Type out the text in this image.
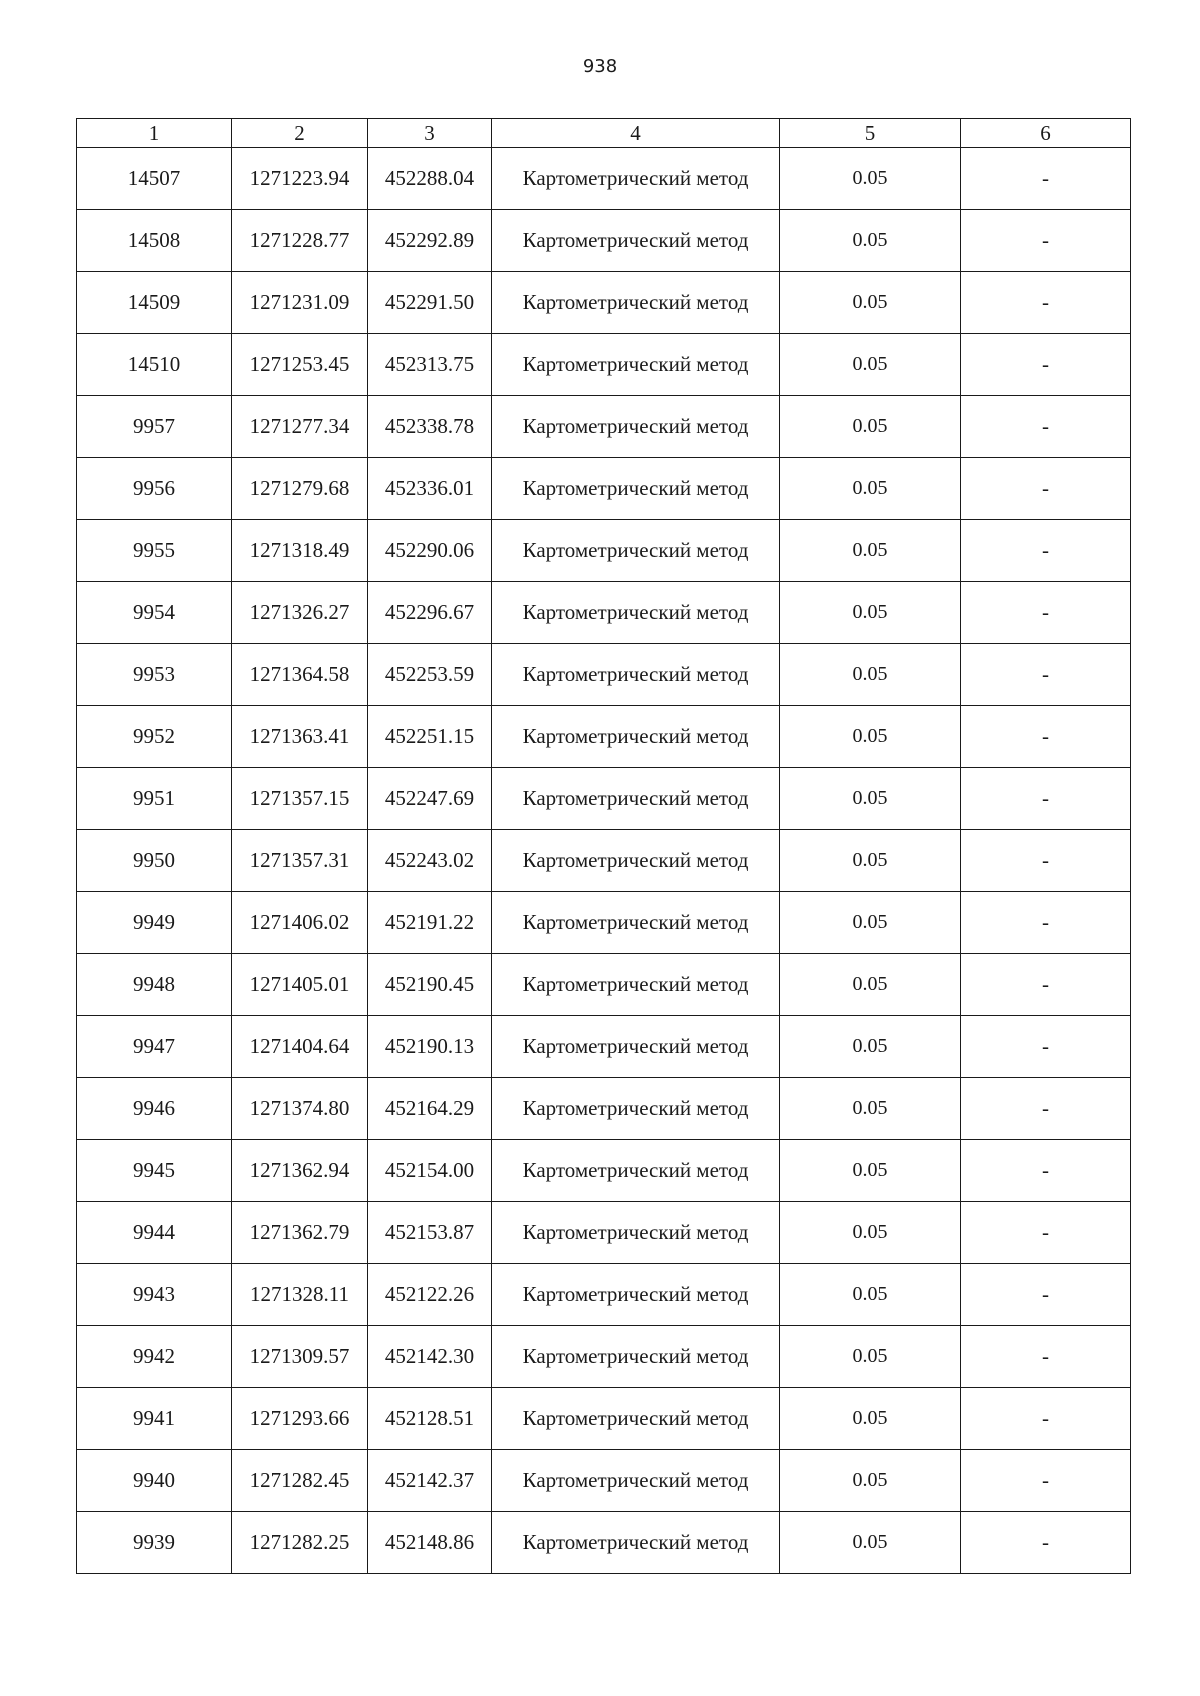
938
1	2	3	4	5	6
14507	1271223.94	452288.04	Картометрический метод	0.05	-
14508	1271228.77	452292.89	Картометрический метод	0.05	-
14509	1271231.09	452291.50	Картометрический метод	0.05	-
14510	1271253.45	452313.75	Картометрический метод	0.05	-
9957	1271277.34	452338.78	Картометрический метод	0.05	-
9956	1271279.68	452336.01	Картометрический метод	0.05	-
9955	1271318.49	452290.06	Картометрический метод	0.05	-
9954	1271326.27	452296.67	Картометрический метод	0.05	-
9953	1271364.58	452253.59	Картометрический метод	0.05	-
9952	1271363.41	452251.15	Картометрический метод	0.05	-
9951	1271357.15	452247.69	Картометрический метод	0.05	-
9950	1271357.31	452243.02	Картометрический метод	0.05	-
9949	1271406.02	452191.22	Картометрический метод	0.05	-
9948	1271405.01	452190.45	Картометрический метод	0.05	-
9947	1271404.64	452190.13	Картометрический метод	0.05	-
9946	1271374.80	452164.29	Картометрический метод	0.05	-
9945	1271362.94	452154.00	Картометрический метод	0.05	-
9944	1271362.79	452153.87	Картометрический метод	0.05	-
9943	1271328.11	452122.26	Картометрический метод	0.05	-
9942	1271309.57	452142.30	Картометрический метод	0.05	-
9941	1271293.66	452128.51	Картометрический метод	0.05	-
9940	1271282.45	452142.37	Картометрический метод	0.05	-
9939	1271282.25	452148.86	Картометрический метод	0.05	-
